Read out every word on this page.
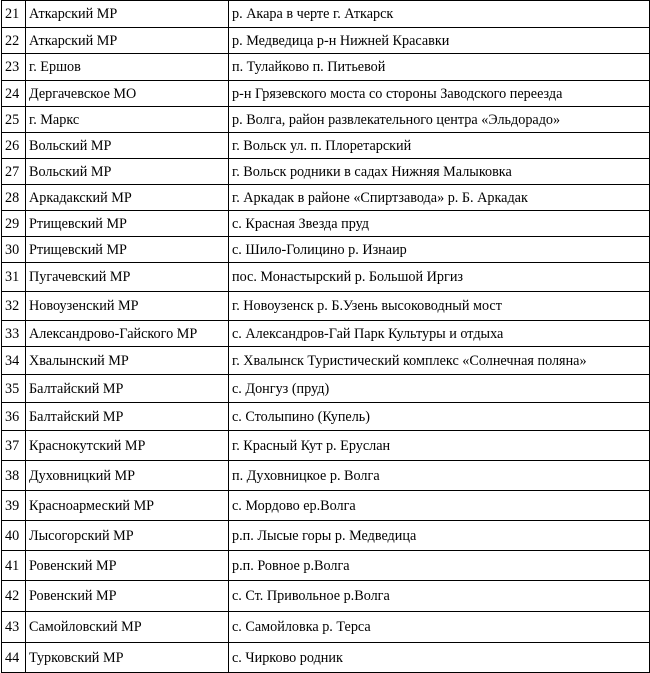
21	Аткарский МР	р. Акара в черте г. Аткарск
22	Аткарский МР	р. Медведица р-н Нижней Красавки
23	г. Ершов	п. Тулайково п. Питьевой
24	Дергачевское МО	р-н Грязевского моста со стороны Заводского переезда
25	г. Маркс	р. Волга, район развлекательного центра «Эльдорадо»
26	Вольский МР	г. Вольск ул. п. Плоретарский
27	Вольский МР	г. Вольск родники в садах Нижняя Малыковка
28	Аркадакский МР	г. Аркадак в районе «Спиртзавода» р. Б. Аркадак
29	Ртищевский МР	с. Красная Звезда пруд
30	Ртищевский МР	с. Шило-Голицино р. Изнаир
31	Пугачевский МР	пос. Монастырский р. Большой Иргиз
32	Новоузенский МР	г. Новоузенск р. Б.Узень высоководный мост
33	Александрово-Гайского МР	с. Александров-Гай Парк Культуры и отдыха
34	Хвалынский МР	г. Хвалынск Туристический комплекс «Солнечная поляна»
35	Балтайский МР	с. Донгуз (пруд)
36	Балтайский МР	с. Столыпино (Купель)
37	Краснокутский МР	г. Красный Кут р. Еруслан
38	Духовницкий МР	п. Духовницкое р. Волга
39	Красноармеский МР	с. Мордово ер.Волга
40	Лысогорский МР	р.п. Лысые горы р. Медведица
41	Ровенский МР	р.п. Ровное р.Волга
42	Ровенский МР	с. Ст. Привольное р.Волга
43	Самойловский МР	с. Самойловка р. Терса
44	Турковский МР	с. Чирково родник
